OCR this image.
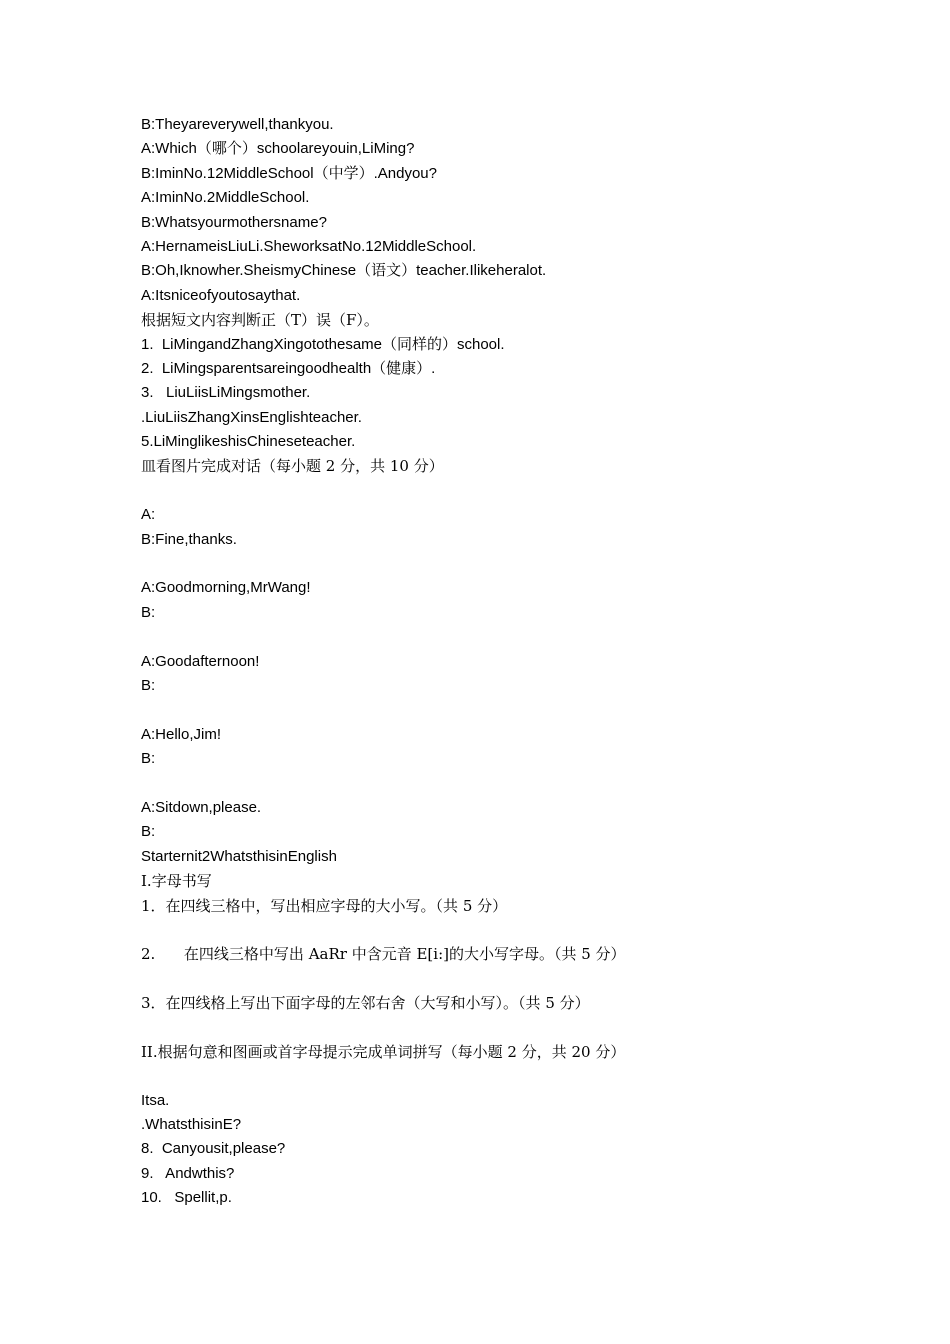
B:Theyareverywell,thankyou.
A:Which（哪个）schoolareyouin,LiMing?
B:IminNo.12MiddleSchool（中学）.Andyou?
A:IminNo.2MiddleSchool.
B:Whatsyourmothersname?
A:HernameisLiuLi.SheworksatNo.12MiddleSchool.
B:Oh,Iknowher.SheismyChinese（语文）teacher.Ilikeheralot.
A:Itsniceofyoutosaythat.
根据短文内容判断正（T）误（F）。
1.  LiMingandZhangXingotothesame（同样的）school.
2.  LiMingsparentsareingoodhealth（健康）.
3.   LiuLiisLiMingsmother.
.LiuLiisZhangXinsEnglishteacher.
5.LiMinglikeshisChineseteacher.
皿看图片完成对话（每小题 2 分，共 10 分）
A:
B:Fine,thanks.
A:Goodmorning,MrWang!
B:
A:Goodafternoon!
B:
A:Hello,Jim!
B:
A:Sitdown,please.
B:
Starternit2WhatsthisinEnglish
I.字母书写
1．在四线三格中，写出相应字母的大小写。（共 5 分）
2.      在四线三格中写出 AaRr 中含元音 E[i:]的大小写字母。（共 5 分）
3．在四线格上写出下面字母的左邻右舍（大写和小写）。（共 5 分）
II.根据句意和图画或首字母提示完成单词拼写（每小题 2 分，共 20 分）
Itsa.
.WhatsthisinE?
8.  Canyousit,please?
9.   Andwthis?
10.   Spellit,p.
